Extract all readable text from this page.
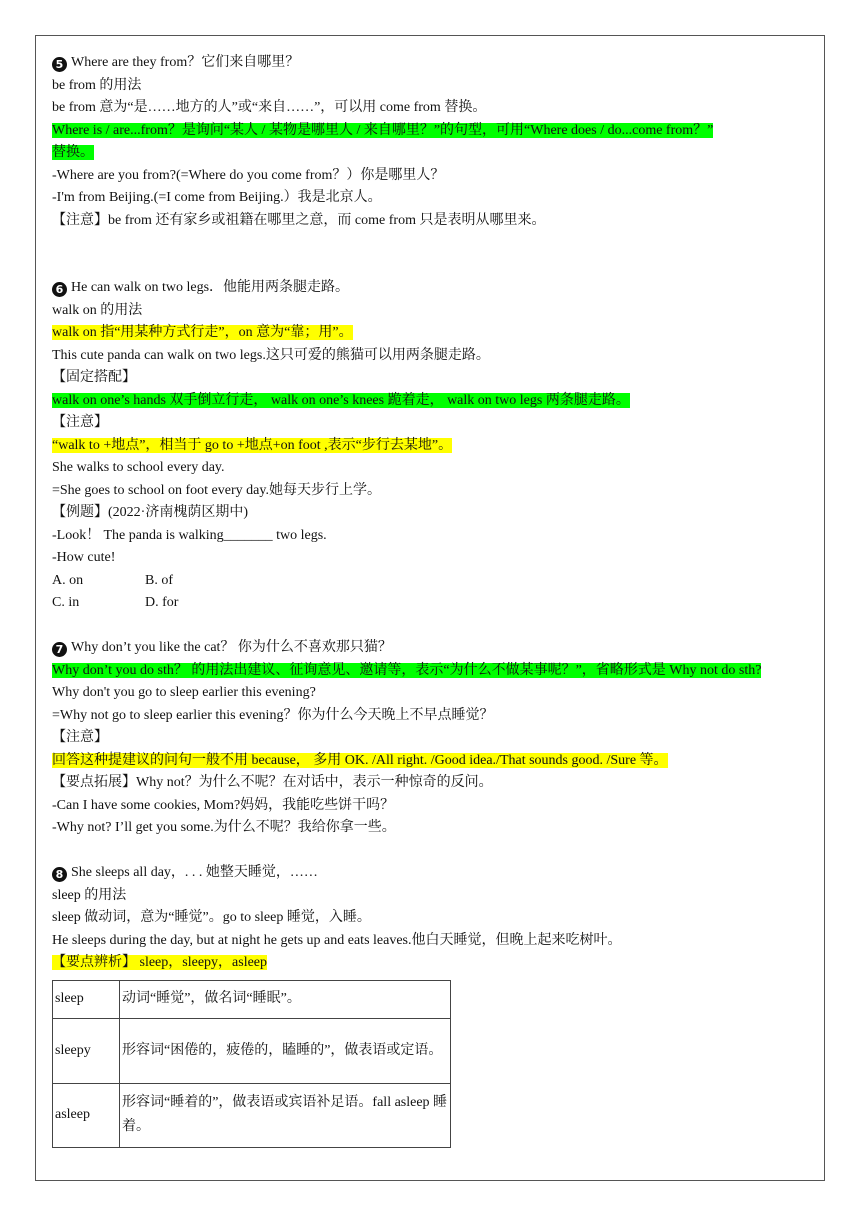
5 Where are they from？它们来自哪里？
be from 的用法
be from 意为“是……地方的人”或“来自……”，可以用 come from 替换。
Where is / are...from？是询问“某人 / 某物是哪里人 / 来自哪里？”的句型，可用“Where does / do...come from？”
替换。
-Where are you from?(=Where do you come from？）你是哪里人？
-I'm from Beijing.(=I come from Beijing.）我是北京人。
【注意】be from 还有家乡或祖籍在哪里之意，而 come from 只是表明从哪里来。
6 He can walk on two legs．他能用两条腿走路。
walk on 的用法
walk on 指“用某种方式行走”，on 意为“靠；用”。
This cute panda can walk on two legs.这只可爱的熊猫可以用两条腿走路。
【固定搭配】
walk on one’s hands 双手倒立行走， walk on one’s knees 跪着走， walk on two legs 两条腿走路。
【注意】
“walk to +地点”，相当于 go to +地点+on foot ,表示“步行去某地”。
She walks to school every day.
=She goes to school on foot every day.她每天步行上学。
【例题】(2022·济南槐荫区期中)
-Look！ The panda is walking_______ two legs.
-How cute!
A. on	B. of
C. in	D. for
7 Why don’t you like the cat？ 你为什么不喜欢那只猫？
Why don’t you do sth？ 的用法出建议、征询意见、邀请等，表示“为什么不做某事呢？”，省略形式是 Why not do sth?
Why don't you go to sleep earlier this evening?
=Why not go to sleep earlier this evening？你为什么今天晚上不早点睡觉？
【注意】
回答这种提建议的问句一般不用 because， 多用 OK. /All right. /Good idea./That sounds good. /Sure 等。
【要点拓展】Why not？为什么不呢？在对话中，表示一种惊奇的反问。
-Can I have some cookies, Mom?妈妈，我能吃些饼干吗？
-Why not? I’ll get you some.为什么不呢？我给你拿一些。
8 She sleeps all day，. . . 她整天睡觉，……
sleep 的用法
sleep 做动词，意为“睡觉”。go to sleep 睡觉，入睡。
He sleeps during the day, but at night he gets up and eats leaves.他白天睡觉，但晚上起来吃树叶。
【要点辨析】 sleep，sleepy，asleep
sleep	动词“睡觉”，做名词“睡眠”。
sleepy	形容词“困倦的，疲倦的，瞌睡的”，做表语或定语。
asleep	形容词“睡着的”，做表语或宾语补足语。fall asleep 睡着。
